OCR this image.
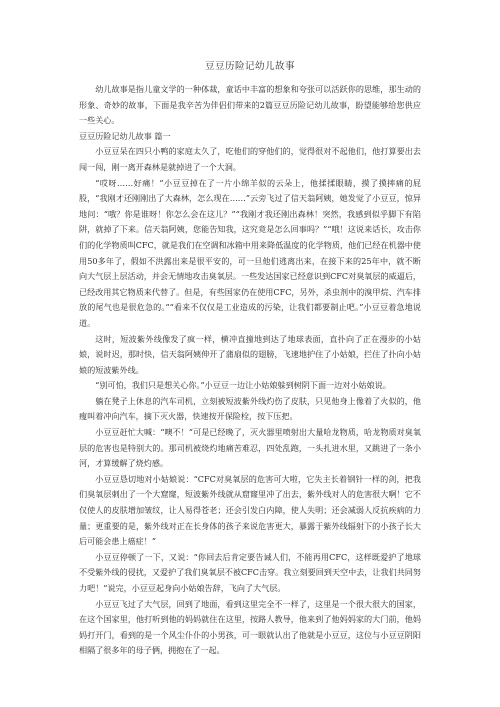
豆豆历险记幼儿故事

幼儿故事是指儿童文学的一种体裁，童话中丰富的想象和夸张可以活跃你的思维，那生动的形象、奇妙的故事，下面是我辛苦为伴侣们带来的2篇豆豆历险记幼儿故事，盼望能够给您供应一些关心。

豆豆历险记幼儿故事 篇一

小豆豆呆在四只小鸭的家庭太久了，吃他们的穿他们的，觉得很对不起他们，他打算要出去闯一闯，刚一离开森林是就掉进了一个大洞。

“哎呀……好痛！”小豆豆掉在了一片小绵羊似的云朵上，他揉揉眼睛，摸了摸摔痛的屁股，“我刚才还刚刚出了大森林，怎么现在……”云旁飞过了信天翁阿姨，她发觉了小豆豆，惊异地问：“哦？你是谁呀！你怎么会在这儿？”“我刚才我还刚出森林！突然，我感到似乎脚下有陷阱，就掉了下来。信天翁阿姨，您能告知我，这究竟是怎么回事吗？”“哦！这说来话长，攻击你们的化学物质叫CFC，就是我们在空调和冰箱中用来降低温度的化学物质，他们已经在机器中使用50多年了，假如不洪露出来是很平安的，可一旦他们逃离出来，在接下来的25年中，就不断向大气层上层活动，并会无情地攻击臭氧层。一些发达国家已经意识到CFC对臭氧层的威逼后，已经改用其它物质来代替了。但是，有些国家仍在使用CFC，另外，杀虫剂中的溴甲烷、汽车排放的尾气也是很危急的。”“看来不仅仅是工业造成的污染，让我们都要制止吧。”小豆豆着急地说道。

这时，短波紫外线像发了疯一样，横冲直撞地到达了地球表面，直扑向了正在漫步的小姑娘，说时迟，那时快，信天翁阿姨伸开了蒲扇似的翅膀，飞速地护住了小姑娘，拦住了扑向小姑娘的短波紫外线。

“别可怕，我们只是想关心你。”小豆豆一边让小姑娘躲到树阴下面一边对小姑娘说。

躺在凳子上休息的汽车司机，立刻被短波紫外线灼伤了皮肤，只见他身上像着了火似的，他瘦叫着冲向汽车，摘下灭火器，快速按开保险栓，按下压把。

小豆豆赶忙大喊：“噢不！”可是已经晚了，灭火器里喷射出大量哈龙物质，哈龙物质对臭氧层的危害也是特别大的。那司机被烧灼地痛苦难忍，四处乱跑，一头扎进水里，又跳进了一条小河，才算缓解了烧灼感。

小豆豆恳切地对小姑娘说：“CFC对臭氧层的危害可大啦，它失主长着钢针一样的剑，把我们臭氧层刺出了一个大窟窿，短波紫外线就从窟窿里冲了出去，紫外线对人的危害很大啊！它不仅使人的皮肤增加皱纹，让人易得苍老；还会引发白内障，使人失明；还会减弱人反抗疾病的力量；更重要的是，紫外线对正在长身体的孩子来说危害更大，暴露于紫外线辐射下的小孩子长大后可能会患上癌症！”

小豆豆停顿了一下，又说：“你回去后肯定要告诫人们，不能再用CFC，这样既爱护了地球不受紫外线的侵扰，又爱护了我们臭氧层不被CFC击穿。我立刻要回到天空中去，让我们共同努力吧！”说完，小豆豆起身向小姑娘告辞，飞向了大气层。

小豆豆飞过了大气层，回到了地面，看到这里完全不一样了，这里是一个很大很大的国家，在这个国家里，他打听到他的妈妈就住在这里，按路人教导，他来到了他妈妈家的大门前，他妈妈打开门，看到的是一个风尘仆仆的小男孩，可一眼就认出了他就是小豆豆，这位与小豆豆阴阳相隔了很多年的母子俩，拥抱在了一起。
